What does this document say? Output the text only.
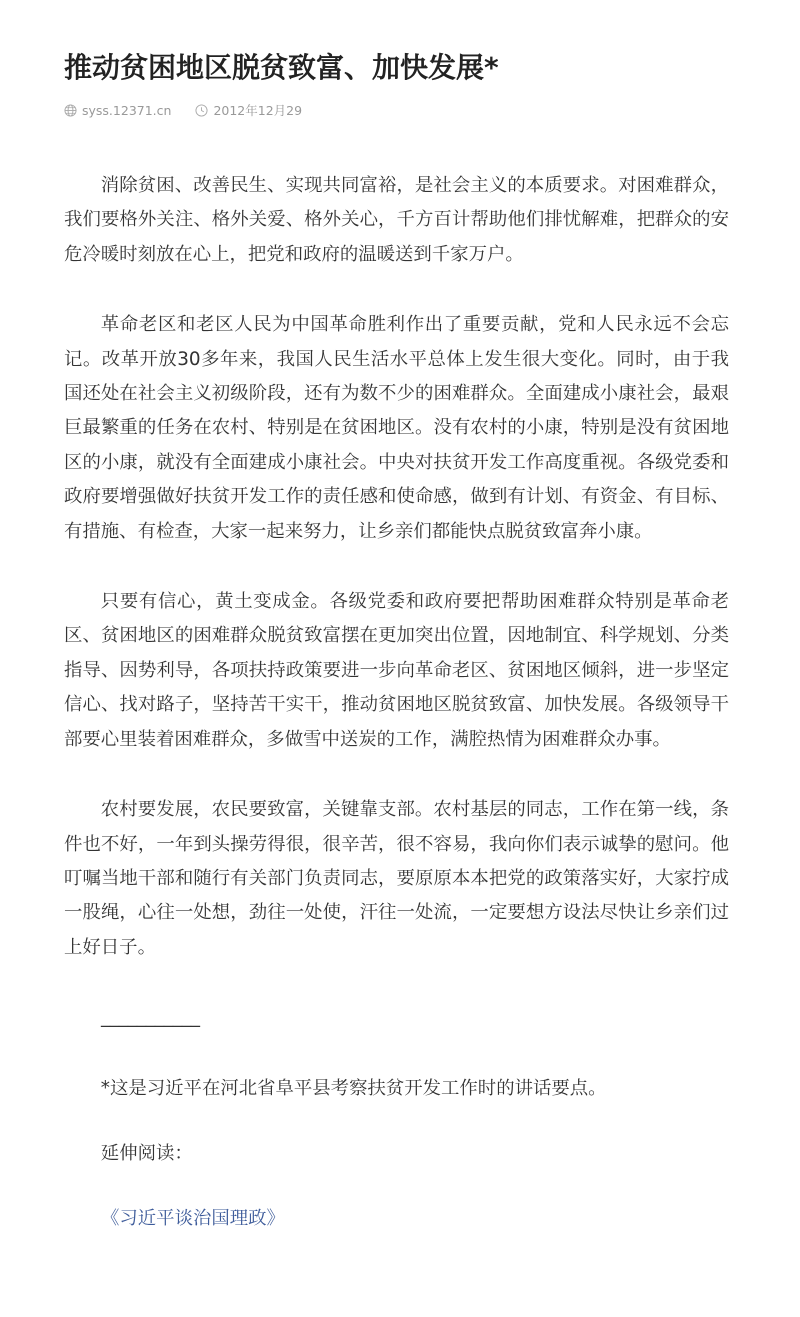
推动贫困地区脱贫致富、加快发展*
syss.12371.cn	2012年12月29

消除贫困、改善民生、实现共同富裕，是社会主义的本质要求。对困难群众，我们要格外关注、格外关爱、格外关心，千方百计帮助他们排忧解难，把群众的安危冷暖时刻放在心上，把党和政府的温暖送到千家万户。

革命老区和老区人民为中国革命胜利作出了重要贡献，党和人民永远不会忘记。改革开放30多年来，我国人民生活水平总体上发生很大变化。同时，由于我国还处在社会主义初级阶段，还有为数不少的困难群众。全面建成小康社会，最艰巨最繁重的任务在农村、特别是在贫困地区。没有农村的小康，特别是没有贫困地区的小康，就没有全面建成小康社会。中央对扶贫开发工作高度重视。各级党委和政府要增强做好扶贫开发工作的责任感和使命感，做到有计划、有资金、有目标、有措施、有检查，大家一起来努力，让乡亲们都能快点脱贫致富奔小康。

只要有信心，黄土变成金。各级党委和政府要把帮助困难群众特别是革命老区、贫困地区的困难群众脱贫致富摆在更加突出位置，因地制宜、科学规划、分类指导、因势利导，各项扶持政策要进一步向革命老区、贫困地区倾斜，进一步坚定信心、找对路子，坚持苦干实干，推动贫困地区脱贫致富、加快发展。各级领导干部要心里装着困难群众，多做雪中送炭的工作，满腔热情为困难群众办事。

农村要发展，农民要致富，关键靠支部。农村基层的同志，工作在第一线，条件也不好，一年到头操劳得很，很辛苦，很不容易，我向你们表示诚挚的慰问。他叮嘱当地干部和随行有关部门负责同志，要原原本本把党的政策落实好，大家拧成一股绳，心往一处想，劲往一处使，汗往一处流，一定要想方设法尽快让乡亲们过上好日子。

___________

*这是习近平在河北省阜平县考察扶贫开发工作时的讲话要点。

延伸阅读：

《习近平谈治国理政》
